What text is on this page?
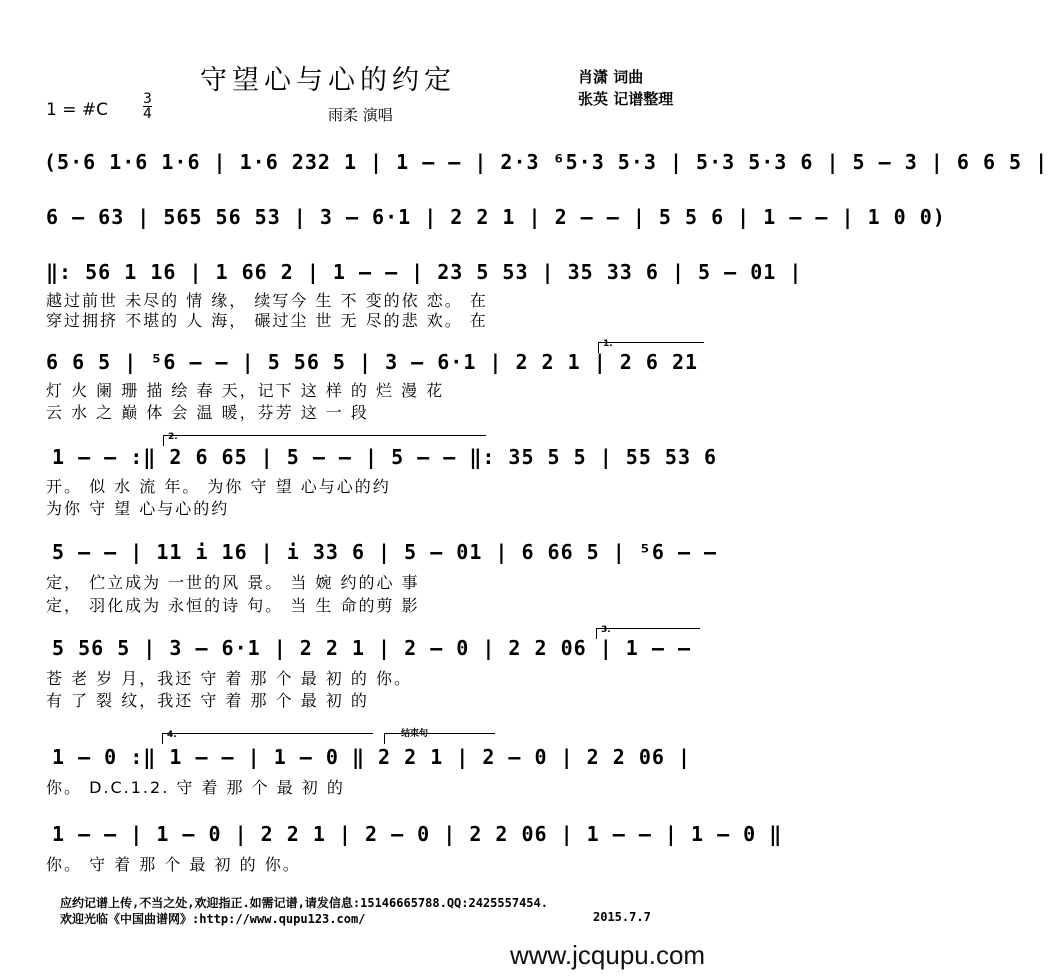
守望心与心的约定	肖潇 词曲
张英 记谱整理
1 = #C
3
4	雨柔 演唱
(5·6 1·6 1·6 | 1·6 232 1 | 1 — — | 2·3 ⁶5·3 5·3 | 5·3 5·3 6 | 5 — 3 | 6 6 5 |
6 — 63 | 565 56 53 | 3 — 6·1 | 2 2 1 | 2 — — | 5 5 6 | 1 — — | 1 0 0)
‖: 56 1 16 | 1 66 2 | 1 — — | 23 5 53 | 35 33 6 | 5 — 01 |
越过前世 未尽的 情 缘， 续写今 生 不 变的依 恋。 在
穿过拥挤 不堪的 人 海， 碾过尘 世 无 尽的悲 欢。 在
1.
6 6 5 | ⁵6 — — | 5 56 5 | 3 — 6·1 | 2 2 1 | 2 6 21
灯 火 阑 珊 描 绘 春 天，记下 这 样 的 烂 漫 花
云 水 之 巅 体 会 温 暖，芬芳 这 一 段
2.
1 — — :‖ 2 6 65 | 5 — — | 5 — — ‖: 35 5 5 | 55 53 6
开。 似 水 流 年。 为你 守 望 心与心的约
为你 守 望 心与心的约
5 — — | 11 i 16 | i 33 6 | 5 — 01 | 6 66 5 | ⁵6 — —
定， 伫立成为 一世的风 景。 当 婉 约的心 事
定， 羽化成为 永恒的诗 句。 当 生 命的剪 影
3.
5 56 5 | 3 — 6·1 | 2 2 1 | 2 — 0 | 2 2 06 | 1 — —
苍 老 岁 月，我还 守 着 那 个 最 初 的 你。
有 了 裂 纹，我还 守 着 那 个 最 初 的
4.	结束句
1 — 0 :‖ 1 — — | 1 — 0 ‖ 2 2 1 | 2 — 0 | 2 2 06 |
你。 D.C.1.2. 守 着 那 个 最 初 的
1 — — | 1 — 0 | 2 2 1 | 2 — 0 | 2 2 06 | 1 — — | 1 — 0 ‖
你。 守 着 那 个 最 初 的 你。
应约记谱上传,不当之处,欢迎指正.如需记谱,请发信息:15146665788.QQ:2425557454.
欢迎光临《中国曲谱网》:http://www.qupu123.com/	2015.7.7
www.jcqupu.com
